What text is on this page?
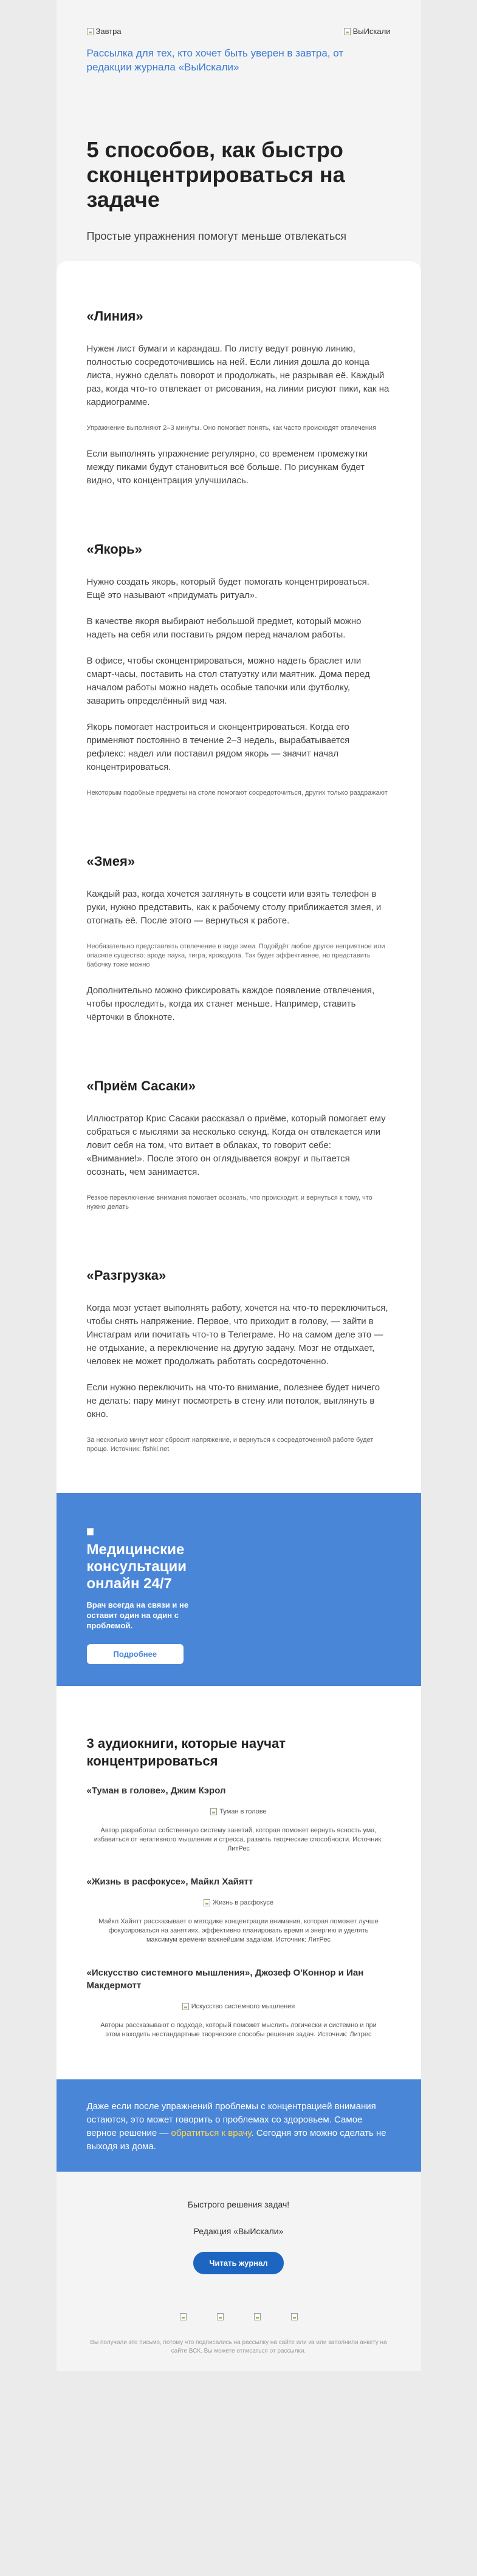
Завтра	ВыИскали
Рассылка для тех, кто хочет быть уверен в завтра, от редакции журнала «ВыИскали»
5 способов, как быстро сконцентрироваться на задаче
Простые упражнения помогут меньше отвлекаться
«Линия»

Нужен лист бумаги и карандаш. По листу ведут ровную линию, полностью сосредоточившись на ней. Если линия дошла до конца листа, нужно сделать поворот и продолжать, не разрывая её. Каждый раз, когда что-то отвлекает от рисования, на линии рисуют пики, как на кардиограмме.

Упражнение выполняют 2–3 минуты. Оно помогает понять, как часто происходят отвлечения

Если выполнять упражнение регулярно, со временем промежутки между пиками будут становиться всё больше. По рисункам будет видно, что концентрация улучшилась.

«Якорь»

Нужно создать якорь, который будет помогать концентрироваться. Ещё это называют «придумать ритуал».

В качестве якоря выбирают небольшой предмет, который можно надеть на себя или поставить рядом перед началом работы.

В офисе, чтобы сконцентрироваться, можно надеть браслет или смарт-часы, поставить на стол статуэтку или маятник. Дома перед началом работы можно надеть особые тапочки или футболку, заварить определённый вид чая.

Якорь помогает настроиться и сконцентрироваться. Когда его применяют постоянно в течение 2–3 недель, вырабатывается рефлекс: надел или поставил рядом якорь — значит начал концентрироваться.

Некоторым подобные предметы на столе помогают сосредоточиться, других только раздражают
«Змея»

Каждый раз, когда хочется заглянуть в соцсети или взять телефон в руки, нужно представить, как к рабочему столу приближается змея, и отогнать её. После этого — вернуться к работе.

Необязательно представлять отвлечение в виде змеи. Подойдёт любое другое неприятное или опасное существо: вроде паука, тигра, крокодила. Так будет эффективнее, но представить бабочку тоже можно

Дополнительно можно фиксировать каждое появление отвлечения, чтобы проследить, когда их станет меньше. Например, ставить чёрточки в блокноте.

«Приём Сасаки»

Иллюстратор Крис Сасаки рассказал о приёме, который помогает ему собраться с мыслями за несколько секунд. Когда он отвлекается или ловит себя на том, что витает в облаках, то говорит себе: «Внимание!». После этого он оглядывается вокруг и пытается осознать, чем занимается.

Резкое переключение внимания помогает осознать, что происходит, и вернуться к тому, что нужно делать
«Разгрузка»

Когда мозг устает выполнять работу, хочется на что-то переключиться, чтобы снять напряжение. Первое, что приходит в голову, — зайти в Инстаграм или почитать что-то в Телеграме. Но на самом деле это — не отдыхание, а переключение на другую задачу. Мозг не отдыхает, человек не может продолжать работать сосредоточенно.

Если нужно переключить на что-то внимание, полезнее будет ничего не делать: пару минут посмотреть в стену или потолок, выглянуть в окно.

За несколько минут мозг сбросит напряжение, и вернуться к сосредоточенной работе будет проще. Источник: fishki.net
Медицинские консультации онлайн 24/7
Врач всегда на связи и не оставит один на один с проблемой.
Подробнее
3 аудиокниги, которые научат концентрироваться
«Туман в голове», Джим Кэрол
Туман в голове
Автор разработал собственную систему занятий, которая поможет вернуть ясность ума, избавиться от негативного мышления и стресса, развить творческие способности. Источник: ЛитРес
«Жизнь в расфокусе», Майкл Хайятт
Жизнь в расфокусе
Майкл Хайятт рассказывает о методике концентрации внимания, которая поможет лучше фокусироваться на занятиях, эффективно планировать время и энергию и уделять максимум времени важнейшим задачам. Источник: ЛитРес
«Искусство системного мышления», Джозеф О'Коннор и Иан Макдермотт
Искусство системного мышления
Авторы рассказывают о подходе, который поможет мыслить логически и системно и при этом находить нестандартные творческие способы решения задач. Источник: Литрес
Даже если после упражнений проблемы с концентрацией внимания остаются, это может говорить о проблемах со здоровьем. Самое верное решение — обратиться к врачу. Сегодня это можно сделать не выходя из дома.
Быстрого решения задач!
Редакция «ВыИскали»
Читать журнал
Вы получили это письмо, потому что подписались на рассылку на сайте или из или заполнили анкету на сайте ВСК. Вы можете отписаться от рассылки.
